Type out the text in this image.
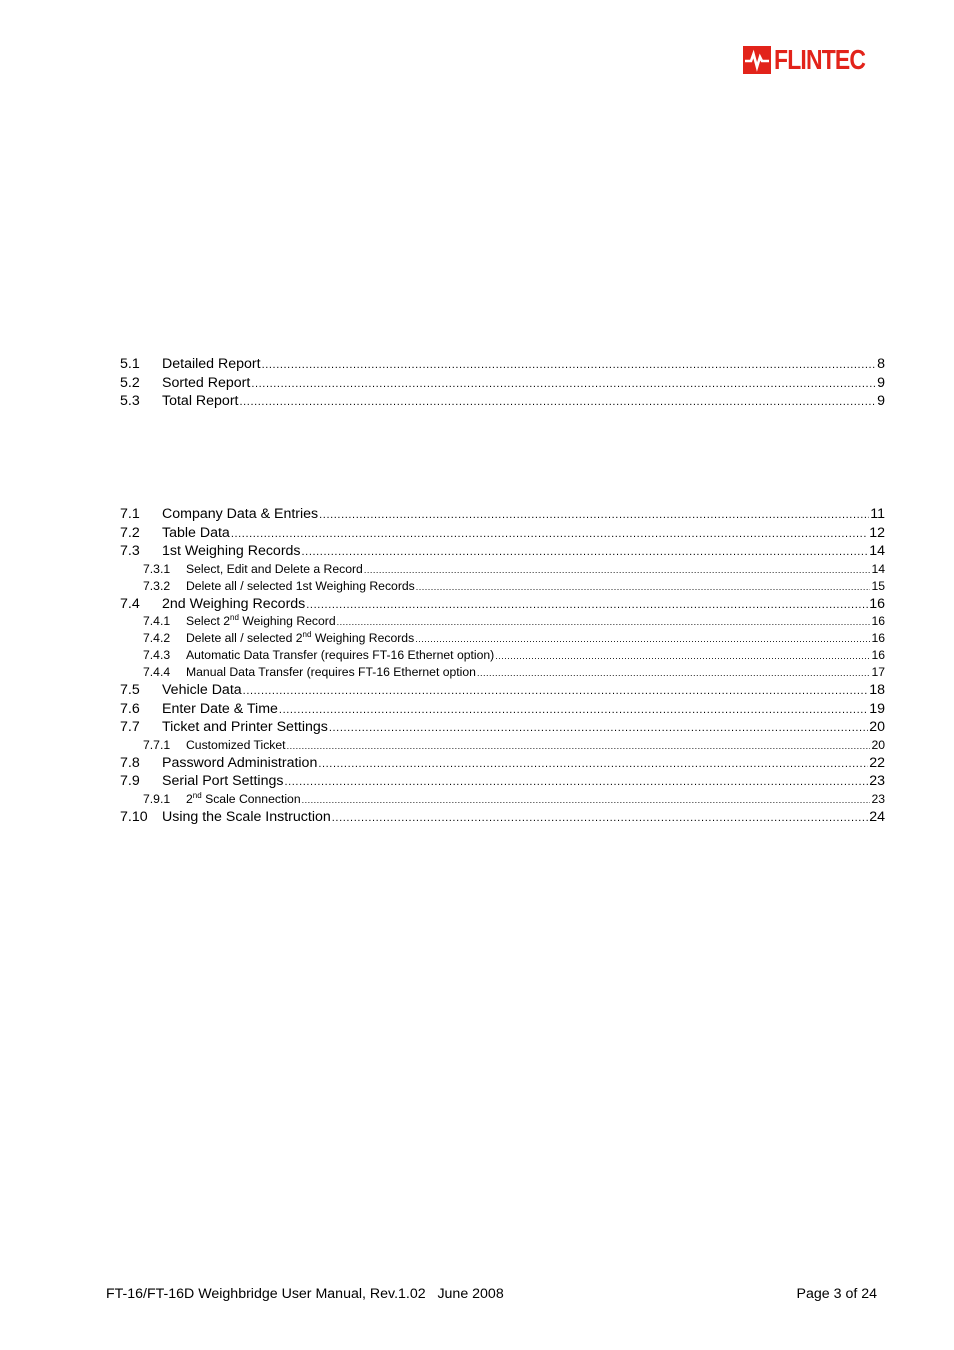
FLINTEC
5.1	Detailed Report .....	8
5.2	Sorted Report .....	9
5.3	Total Report .....	9
7.1	Company Data & Entries .....	11
7.2	Table Data .....	12
7.3	1st Weighing Records .....	14
7.3.1	Select, Edit and Delete a Record .....	14
7.3.2	Delete all / selected 1st Weighing Records .....	15
7.4	2nd Weighing Records .....	16
7.4.1	Select 2nd Weighing Record .....	16
7.4.2	Delete all / selected 2nd Weighing Records .....	16
7.4.3	Automatic Data Transfer (requires FT-16 Ethernet option) .....	16
7.4.4	Manual Data Transfer (requires FT-16 Ethernet option .....	17
7.5	Vehicle Data .....	18
7.6	Enter Date & Time .....	19
7.7	Ticket and Printer Settings .....	20
7.7.1	Customized Ticket .....	20
7.8	Password Administration .....	22
7.9	Serial Port Settings .....	23
7.9.1	2nd Scale Connection .....	23
7.10	Using the Scale Instruction .....	24
FT-16/FT-16D Weighbridge User Manual, Rev.1.02   June 2008	Page 3 of 24
